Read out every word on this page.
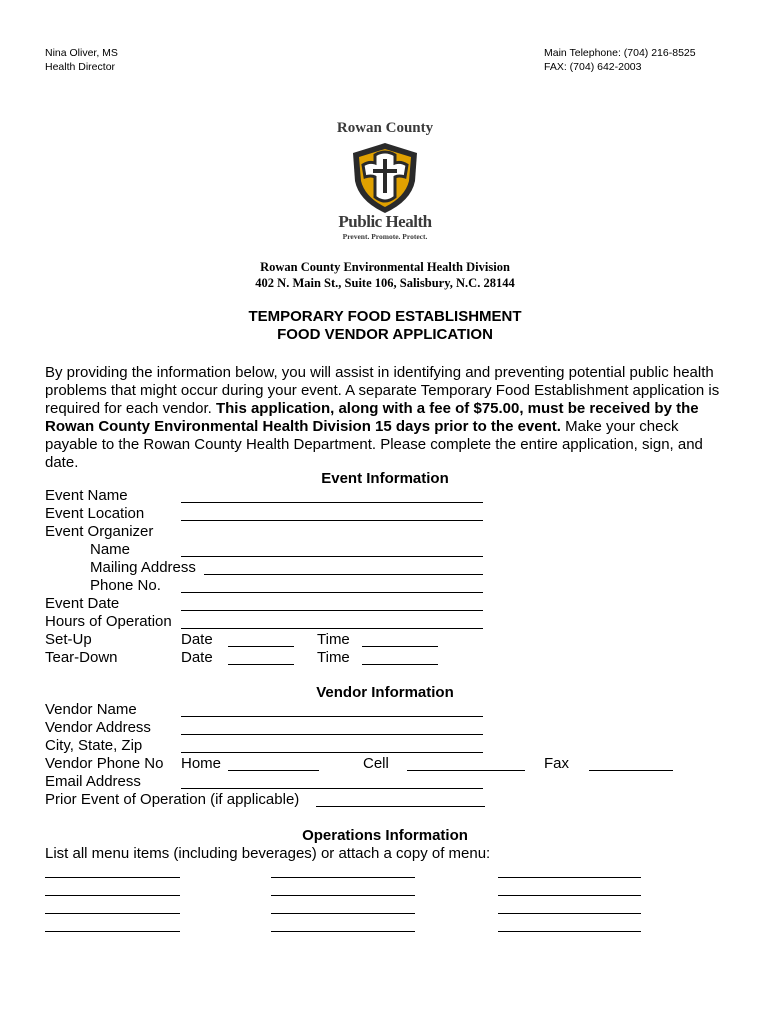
Nina Oliver, MS
Health Director
Main Telephone: (704) 216-8525
FAX: (704) 642-2003
Rowan County
Public Health
Prevent. Promote. Protect.
Rowan County Environmental Health Division
402 N. Main St., Suite 106, Salisbury, N.C. 28144
TEMPORARY FOOD ESTABLISHMENT
FOOD VENDOR APPLICATION
By providing the information below, you will assist in identifying and preventing potential public health problems that might occur during your event. A separate Temporary Food Establishment application is required for each vendor. This application, along with a fee of $75.00, must be received by the Rowan County Environmental Health Division 15 days prior to the event. Make your check payable to the Rowan County Health Department. Please complete the entire application, sign, and date.
Event Information
Event Name
Event Location
Event Organizer
Name
Mailing Address
Phone No.
Event Date
Hours of Operation
Set-Up	Date	Time
Tear-Down	Date	Time
Vendor Information
Vendor Name
Vendor Address
City, State, Zip
Vendor Phone No Home	Cell	Fax
Email Address
Prior Event of Operation (if applicable)
Operations Information
List all menu items (including beverages) or attach a copy of menu:
